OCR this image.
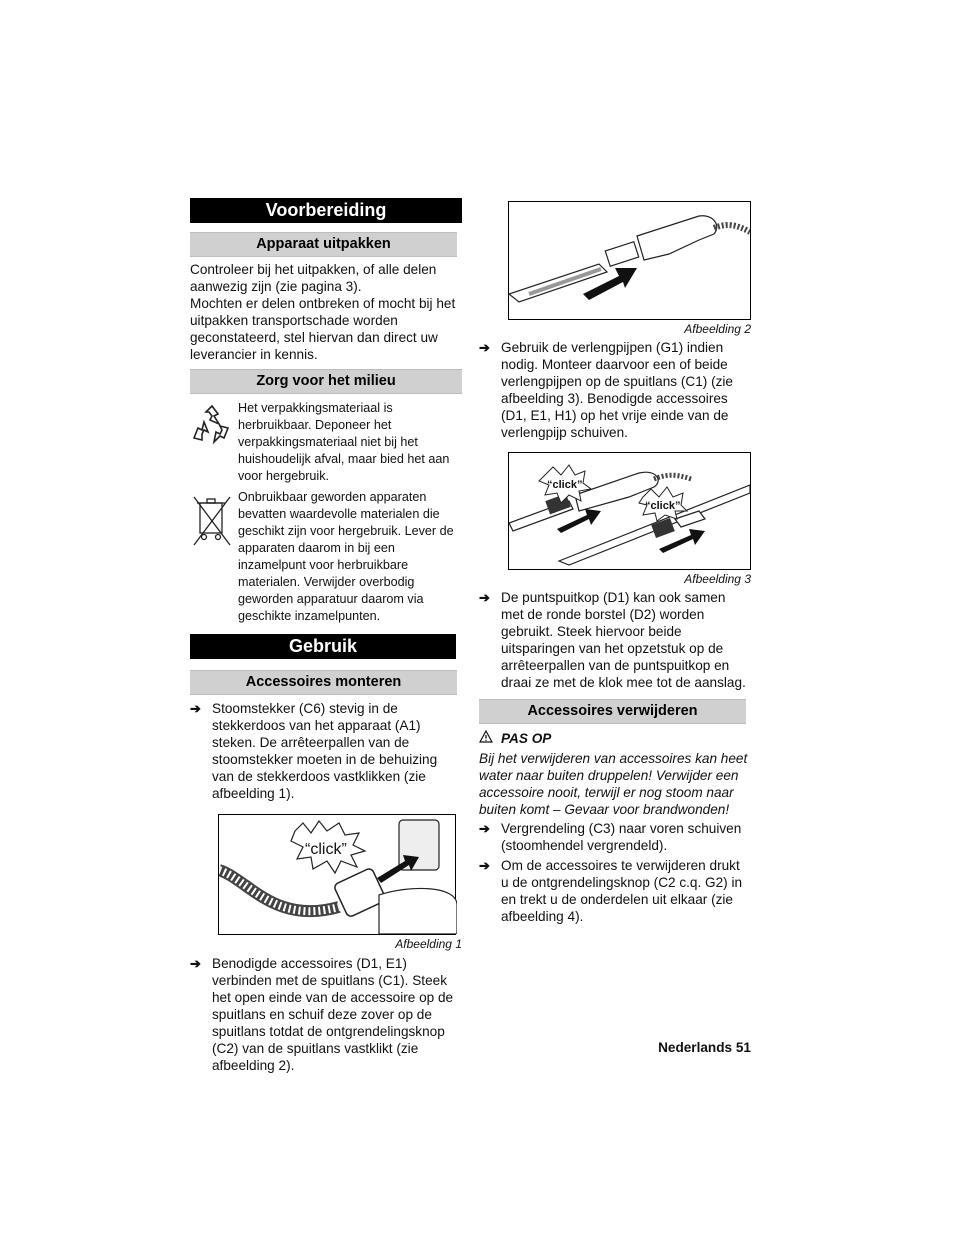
Voorbereiding
Apparaat uitpakken

Controleer bij het uitpakken, of alle delen aanwezig zijn (zie pagina 3).

Mochten er delen ontbreken of mocht bij het uitpakken transportschade worden geconstateerd, stel hiervan dan direct uw leverancier in kennis.

Zorg voor het milieu
Het verpakkingsmateriaal is herbruikbaar. Deponeer het verpakkingsmateriaal niet bij het huishoudelijk afval, maar bied het aan voor hergebruik.
Onbruikbaar geworden apparaten bevatten waardevolle materialen die geschikt zijn voor hergebruik. Lever de apparaten daarom in bij een inzamelpunt voor herbruikbare materialen. Verwijder overbodig geworden apparatuur daarom via geschikte inzamelpunten.
Gebruik
Accessoires monteren
➔ Stoomstekker (C6) stevig in de stekkerdoos van het apparaat (A1) steken. De arrêteerpallen van de stoomstekker moeten in de behuizing van de stekkerdoos vastklikken (zie afbeelding 1).
“click”
Afbeelding 1
➔ Benodigde accessoires (D1, E1) verbinden met de spuitlans (C1). Steek het open einde van de accessoire op de spuitlans en schuif deze zover op de spuitlans totdat de ontgrendelingsknop (C2) van de spuitlans vastklikt (zie afbeelding 2).
Afbeelding 2
➔ Gebruik de verlengpijpen (G1) indien nodig. Monteer daarvoor een of beide verlengpijpen op de spuitlans (C1) (zie afbeelding 3). Benodigde accessoires (D1, E1, H1) op het vrije einde van de verlengpijp schuiven.
“click”
“click”
Afbeelding 3
➔ De puntspuitkop (D1) kan ook samen met de ronde borstel (D2) worden gebruikt. Steek hiervoor beide uitsparingen van het opzetstuk op de arrêteerpallen van de puntspuitkop en draai ze met de klok mee tot de aanslag.
Accessoires verwijderen
PAS OP
Bij het verwijderen van accessoires kan heet water naar buiten druppelen! Verwijder een accessoire nooit, terwijl er nog stoom naar buiten komt – Gevaar voor brandwonden!
➔ Vergrendeling (C3) naar voren schuiven (stoomhendel vergrendeld).
➔ Om de accessoires te verwijderen drukt u de ontgrendelingsknop (C2 c.q. G2) in en trekt u de onderdelen uit elkaar (zie afbeelding 4).
Nederlands 51
